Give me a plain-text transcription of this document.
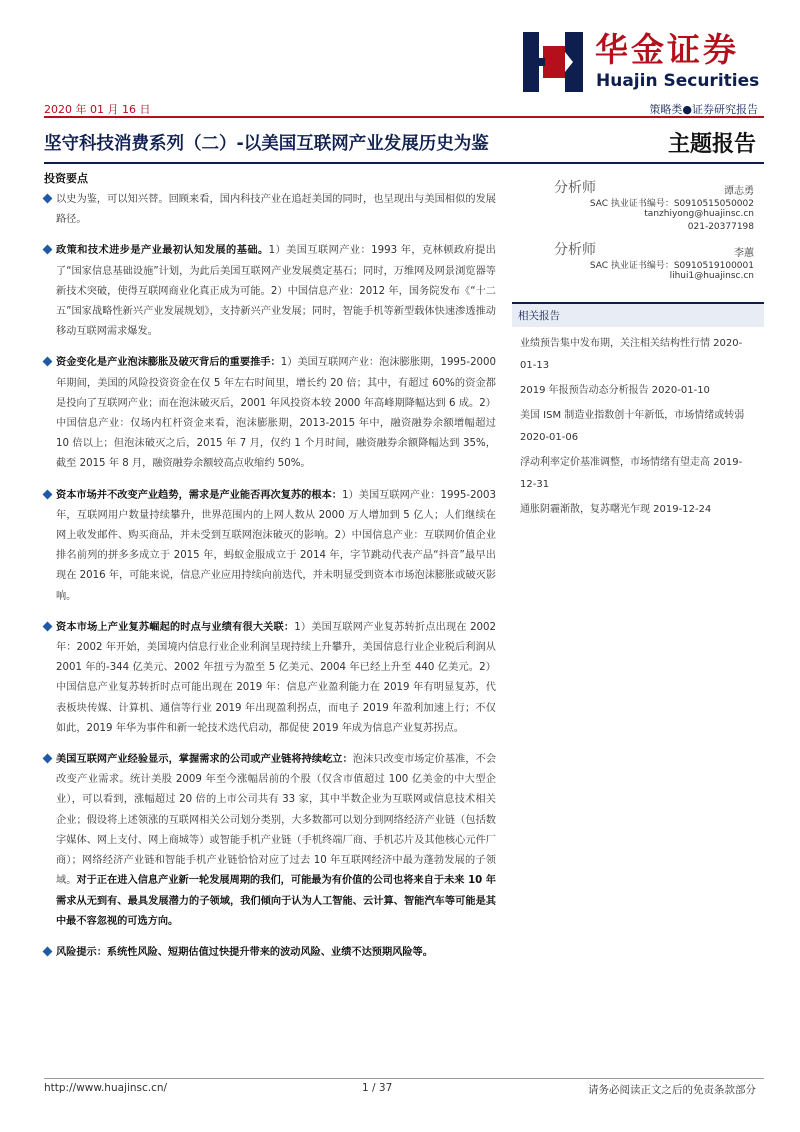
华金证券
Huajin Securities
2020 年 01 月 16 日	策略类●证券研究报告
坚守科技消费系列（二）-以美国互联网产业发展历史为鉴	主题报告
投资要点
以史为鉴，可以知兴替。回顾来看，国内科技产业在追赶美国的同时，也呈现出与美国相似的发展路径。
政策和技术进步是产业最初认知发展的基础。1）美国互联网产业：1993 年，克林顿政府提出了“国家信息基础设施”计划，为此后美国互联网产业发展奠定基石；同时，万维网及网景浏览器等新技术突破，使得互联网商业化真正成为可能。2）中国信息产业：2012 年，国务院发布《“十二五”国家战略性新兴产业发展规划》，支持新兴产业发展；同时，智能手机等新型载体快速渗透推动移动互联网需求爆发。
资金变化是产业泡沫膨胀及破灭背后的重要推手：1）美国互联网产业：泡沫膨胀期，1995-2000 年期间，美国的风险投资资金在仅 5 年左右时间里，增长约 20 倍；其中，有超过 60%的资金都是投向了互联网产业；而在泡沫破灭后，2001 年风投资本较 2000 年高峰期降幅达到 6 成。2）中国信息产业：仅场内杠杆资金来看，泡沫膨胀期，2013-2015 年中，融资融券余额增幅超过 10 倍以上；但泡沫破灭之后，2015 年 7 月，仅约 1 个月时间，融资融券余额降幅达到 35%，截至 2015 年 8 月，融资融券余额较高点收缩约 50%。
资本市场并不改变产业趋势，需求是产业能否再次复苏的根本：1）美国互联网产业：1995-2003 年，互联网用户数量持续攀升，世界范围内的上网人数从 2000 万人增加到 5 亿人；人们继续在网上收发邮件、购买商品，并未受到互联网泡沫破灭的影响。2）中国信息产业：互联网价值企业排名前列的拼多多成立于 2015 年，蚂蚁金服成立于 2014 年，字节跳动代表产品“抖音”最早出现在 2016 年，可能来说，信息产业应用持续向前迭代，并未明显受到资本市场泡沫膨胀或破灭影响。
资本市场上产业复苏崛起的时点与业绩有很大关联：1）美国互联网产业复苏转折点出现在 2002 年：2002 年开始，美国境内信息行业企业利润呈现持续上升攀升，美国信息行业企业税后利润从 2001 年的-344 亿美元、2002 年扭亏为盈至 5 亿美元、2004 年已经上升至 440 亿美元。2）中国信息产业复苏转折时点可能出现在 2019 年：信息产业盈利能力在 2019 年有明显复苏，代表板块传媒、计算机、通信等行业 2019 年出现盈利拐点，而电子 2019 年盈利加速上行；不仅如此，2019 年华为事件和新一轮技术迭代启动，都促使 2019 年成为信息产业复苏拐点。
美国互联网产业经验显示，掌握需求的公司或产业链将持续屹立：泡沫只改变市场定价基准，不会改变产业需求。统计美股 2009 年至今涨幅居前的个股（仅含市值超过 100 亿美金的中大型企业），可以看到，涨幅超过 20 倍的上市公司共有 33 家，其中半数企业为互联网或信息技术相关企业；假设将上述领涨的互联网相关公司划分类别，大多数都可以划分到网络经济产业链（包括数字媒体、网上支付、网上商城等）或智能手机产业链（手机终端厂商、手机芯片及其他核心元件厂商）；网络经济产业链和智能手机产业链恰恰对应了过去 10 年互联网经济中最为蓬勃发展的子领域。对于正在进入信息产业新一轮发展周期的我们，可能最为有价值的公司也将来自于未来 10 年需求从无到有、最具发展潜力的子领域，我们倾向于认为人工智能、云计算、智能汽车等可能是其中最不容忽视的可选方向。
风险提示：系统性风险、短期估值过快提升带来的波动风险、业绩不达预期风险等。
分析师	谭志勇
SAC 执业证书编号：S0910515050002
tanzhiyong@huajinsc.cn
021-20377198
分析师	李蕙
SAC 执业证书编号：S0910519100001
lihui1@huajinsc.cn
相关报告
业绩预告集中发布期，关注相关结构性行情 2020-01-13
2019 年报预告动态分析报告 2020-01-10
美国 ISM 制造业指数创十年新低，市场情绪或转弱 2020-01-06
浮动利率定价基准调整，市场情绪有望走高 2019-12-31
通胀阴霾渐散，复苏曙光乍现 2019-12-24
http://www.huajinsc.cn/	1 / 37	请务必阅读正文之后的免责条款部分
